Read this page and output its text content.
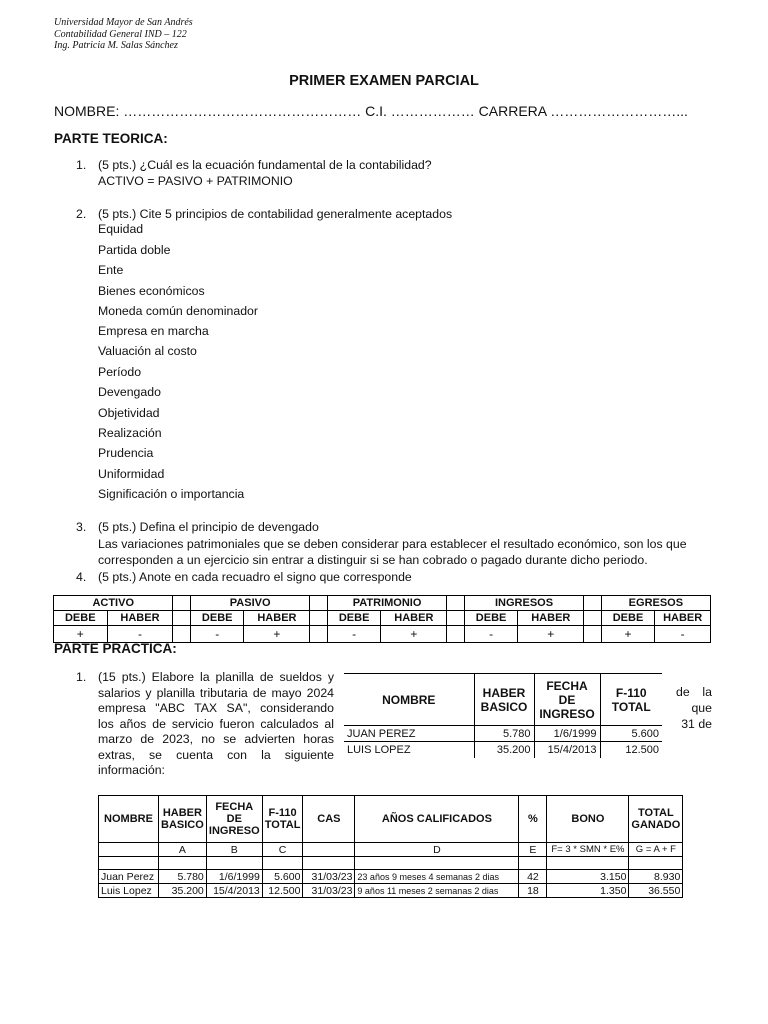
Universidad Mayor de San Andrés
Contabilidad General IND – 122
Ing. Patricia M. Salas Sánchez
PRIMER EXAMEN PARCIAL
NOMBRE: …………………………………………… C.I. ……………… CARRERA ………………………...
PARTE TEORICA:
1. (5 pts.) ¿Cuál es la ecuación fundamental de la contabilidad?
ACTIVO = PASIVO + PATRIMONIO
2. (5 pts.) Cite 5 principios de contabilidad generalmente aceptados
Equidad
Partida doble
Ente
Bienes económicos
Moneda común denominador
Empresa en marcha
Valuación al costo
Período
Devengado
Objetividad
Realización
Prudencia
Uniformidad
Significación o importancia
3. (5 pts.) Defina el principio de devengado
Las variaciones patrimoniales que se deben considerar para establecer el resultado económico, son los que
corresponden a un ejercicio sin entrar a distinguir si se han cobrado o pagado durante dicho periodo.
4. (5 pts.) Anote en cada recuadro el signo que corresponde
ACTIVO			PASIVO			PATRIMONIO			INGRESOS			EGRESOS	
DEBE	HABER		DEBE	HABER		DEBE	HABER		DEBE	HABER		DEBE	HABER
+	-		-	+		-	+		-	+		+	-
PARTE PRACTICA:
1. (15 pts.) Elabore la planilla de sueldos y
salarios y planilla tributaria de mayo 2024
empresa "ABC TAX SA", considerando
los años de servicio fueron calculados al
marzo de 2023, no se advierten horas
extras, se cuenta con la siguiente
información:
de la
que
31 de
NOMBRE	HABER BASICO	FECHA DE INGRESO	F-110 TOTAL
JUAN PEREZ	5.780	1/6/1999	5.600
LUIS LOPEZ	35.200	15/4/2013	12.500
NOMBRE	HABER BASICO	FECHA DE INGRESO	F-110 TOTAL	CAS	AÑOS CALIFICADOS	%	BONO	TOTAL GANADO
	A	B	C		D	E	F= 3 * SMN * E%	G = A + F

Juan Perez	5.780	1/6/1999	5.600	31/03/23	23 años 9 meses 4 semanas 2 dias	42	3.150	8.930
Luis Lopez	35.200	15/4/2013	12.500	31/03/23	9 años 11 meses 2 semanas 2 dias	18	1.350	36.550
